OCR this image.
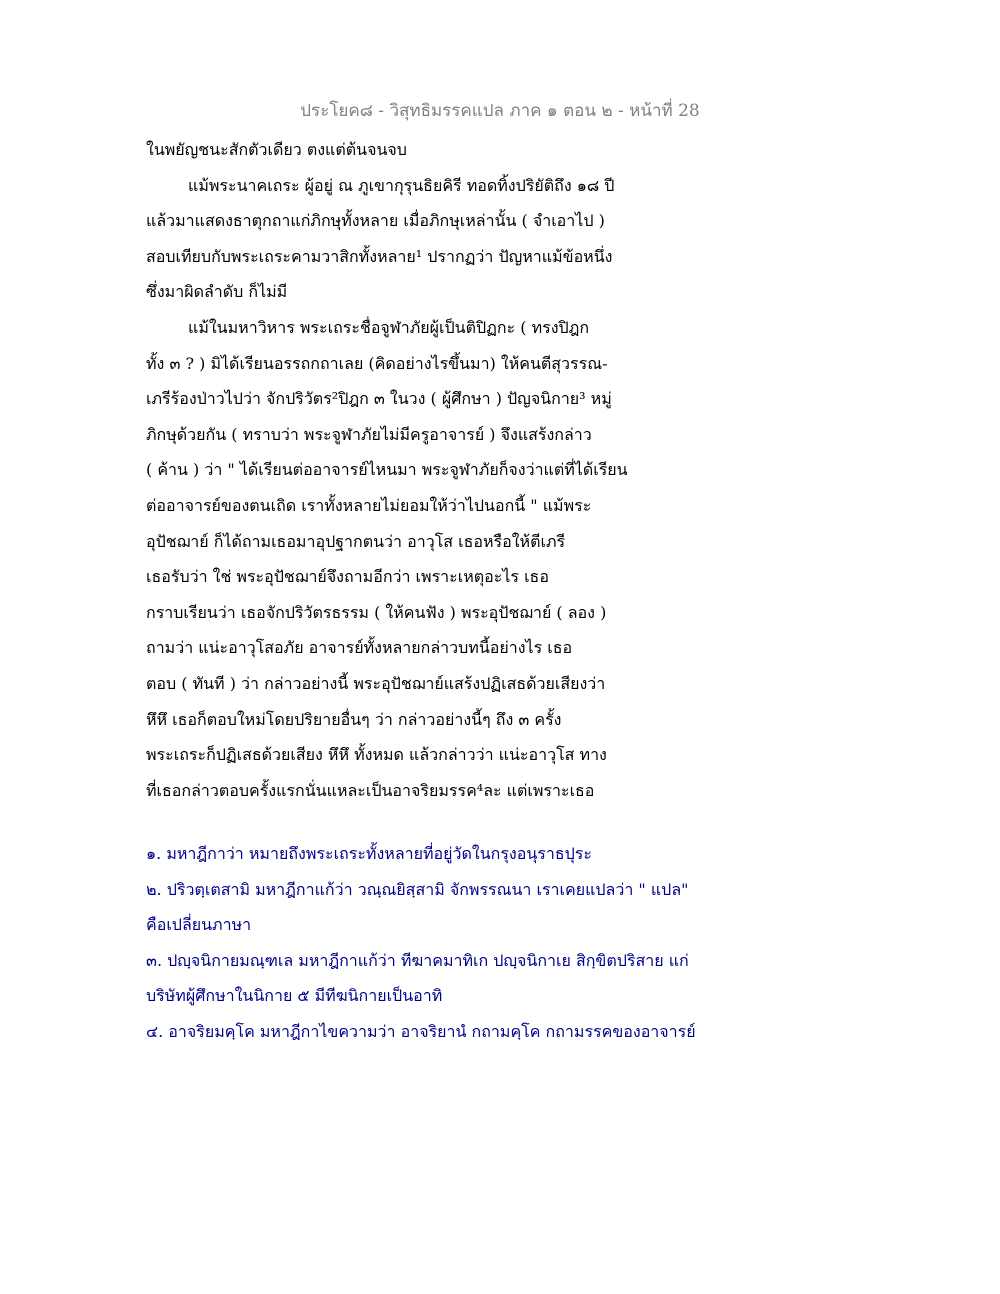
ประโยค๘ - วิสุทธิมรรคแปล ภาค ๑ ตอน ๒ - หน้าที่ 28
ในพยัญชนะสักตัวเดียว ตงแต่ต้นจนจบ
แม้พระนาคเถระ ผู้อยู่ ณ ภูเขากุรุนธิยคิรี ทอดทิ้งปริยัติถึง ๑๘ ปี
แล้วมาแสดงธาตุกถาแก่ภิกษุทั้งหลาย เมื่อภิกษุเหล่านั้น ( จำเอาไป )
สอบเทียบกับพระเถระคามวาสิกทั้งหลาย¹ ปรากฏว่า ปัญหาแม้ข้อหนึ่ง
ซึ่งมาผิดลำดับ ก็ไม่มี
แม้ในมหาวิหาร พระเถระชื่อจูฬาภัยผู้เป็นติปิฏกะ ( ทรงปิฎก
ทั้ง ๓ ? ) มิได้เรียนอรรถกถาเลย (คิดอย่างไรขึ้นมา) ให้คนตีสุวรรณ-
เภรีร้องป่าวไปว่า จักปริวัตร²ปิฎก ๓ ในวง ( ผู้ศึกษา ) ปัญจนิกาย³ หมู่
ภิกษุด้วยกัน ( ทราบว่า พระจูฬาภัยไม่มีครูอาจารย์ ) จึงแสร้งกล่าว
( ค้าน ) ว่า " ได้เรียนต่ออาจารย์ไหนมา พระจูฬาภัยก็จงว่าแต่ที่ได้เรียน
ต่ออาจารย์ของตนเถิด เราทั้งหลายไม่ยอมให้ว่าไปนอกนี้ " แม้พระ
อุปัชฌาย์ ก็ได้ถามเธอมาอุปฐากตนว่า อาวุโส เธอหรือให้ตีเภรี
เธอรับว่า ใช่ พระอุปัชฌาย์จึงถามอีกว่า เพราะเหตุอะไร เธอ
กราบเรียนว่า เธอจักปริวัตรธรรม ( ให้คนฟัง ) พระอุปัชฌาย์ ( ลอง )
ถามว่า แน่ะอาวุโสอภัย อาจารย์ทั้งหลายกล่าวบทนี้อย่างไร เธอ
ตอบ ( ทันที ) ว่า กล่าวอย่างนี้ พระอุปัชฌาย์แสร้งปฏิเสธด้วยเสียงว่า
หึหึ เธอก็ตอบใหม่โดยปริยายอื่นๆ ว่า กล่าวอย่างนี้ๆ ถึง ๓ ครั้ง
พระเถระก็ปฏิเสธด้วยเสียง หึหึ ทั้งหมด แล้วกล่าวว่า แน่ะอาวุโส ทาง
ที่เธอกล่าวตอบครั้งแรกนั่นแหละเป็นอาจริยมรรค⁴ละ แต่เพราะเธอ
๑. มหาฎีกาว่า หมายถึงพระเถระทั้งหลายที่อยู่วัดในกรุงอนุราธปุระ
๒. ปริวตฺเตสามิ มหาฎีกาแก้ว่า วณฺณยิสฺสามิ จักพรรณนา เราเคยแปลว่า " แปล"
คือเปลี่ยนภาษา
๓. ปญฺจนิกายมณฺฑเล มหาฎีกาแก้ว่า ทีฆาคมาทิเก ปญฺจนิกาเย สิกฺขิตปริสาย แก่
บริษัทผู้ศึกษาในนิกาย ๕ มีทีฆนิกายเป็นอาทิ
๔. อาจริยมคฺโค มหาฎีกาไขความว่า อาจริยานํ กถามคฺโค กถามรรคของอาจารย์
